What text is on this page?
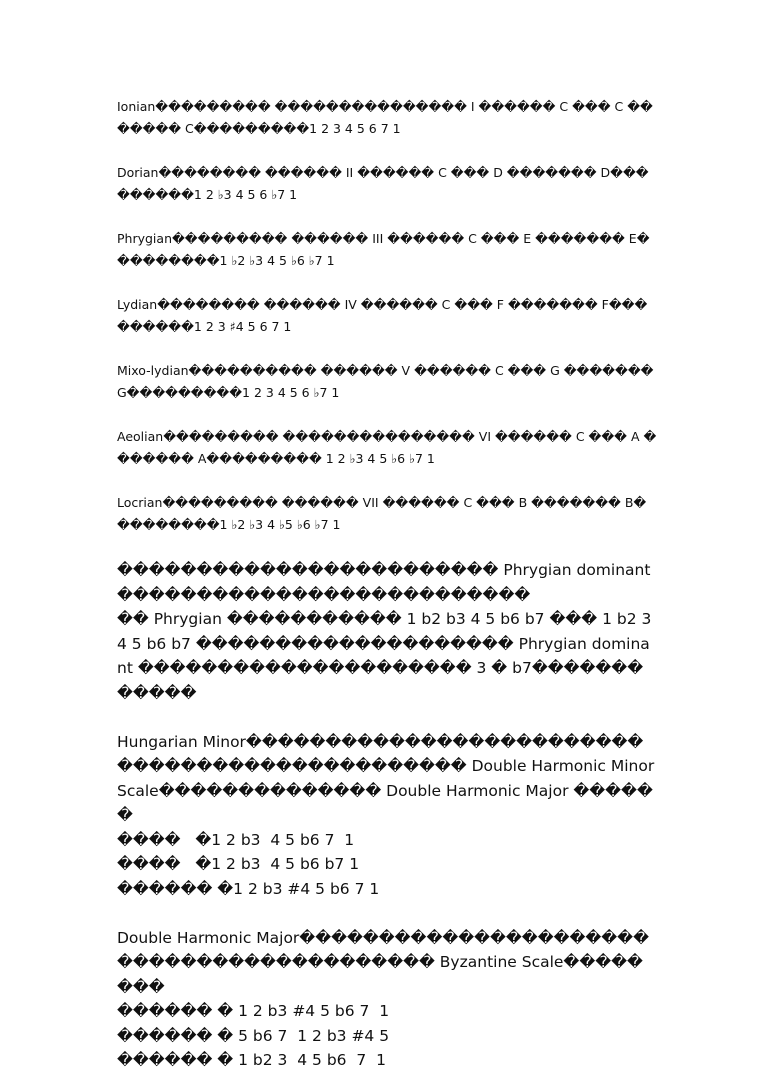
Ionian��������� ��������������� I ������ C ��� C ������� C���������1 2 3 4 5 6 7 1

Dorian�������� ������ II ������ C ��� D ������� D���������1 2 ♭3 4 5 6 ♭7 1

Phrygian��������� ������ III ������ C ��� E ������� E���������1 ♭2 ♭3 4 5 ♭6 ♭7 1

Lydian�������� ������ IV ������ C ��� F ������� F���������1 2 3 ♯4 5 6 7 1

Mixo-lydian���������� ������ V ������ C ��� G ������� G���������1 2 3 4 5 6 ♭7 1

Aeolian��������� ��������������� VI ������ C ��� A ������� A��������� 1 2 ♭3 4 5 ♭6 ♭7 1

Locrian��������� ������ VII ������ C ��� B ������� B���������1 ♭2 ♭3 4 ♭5 ♭6 ♭7 1

������������������������ Phrygian dominant ��������������������������

�� Phrygian ����������� 1 b2 b3 4 5 b6 b7 ��� 1 b2 3 4 5 b6 b7 �������������������� Phrygian dominant ��������������������� 3 � b7������������

Hungarian Minor����������������������������������������������� Double Harmonic Minor Scale�������������� Double Harmonic Major ������

����   �1 2 b3  4 5 b6 7  1

����   �1 2 b3  4 5 b6 b7 1

������ �1 2 b3 #4 5 b6 7 1

Double Harmonic Major������������������������������������������ Byzantine Scale��������

������ � 1 2 b3 #4 5 b6 7  1

������ � 5 b6 7  1 2 b3 #4 5

������ � 1 b2 3  4 5 b6  7  1
